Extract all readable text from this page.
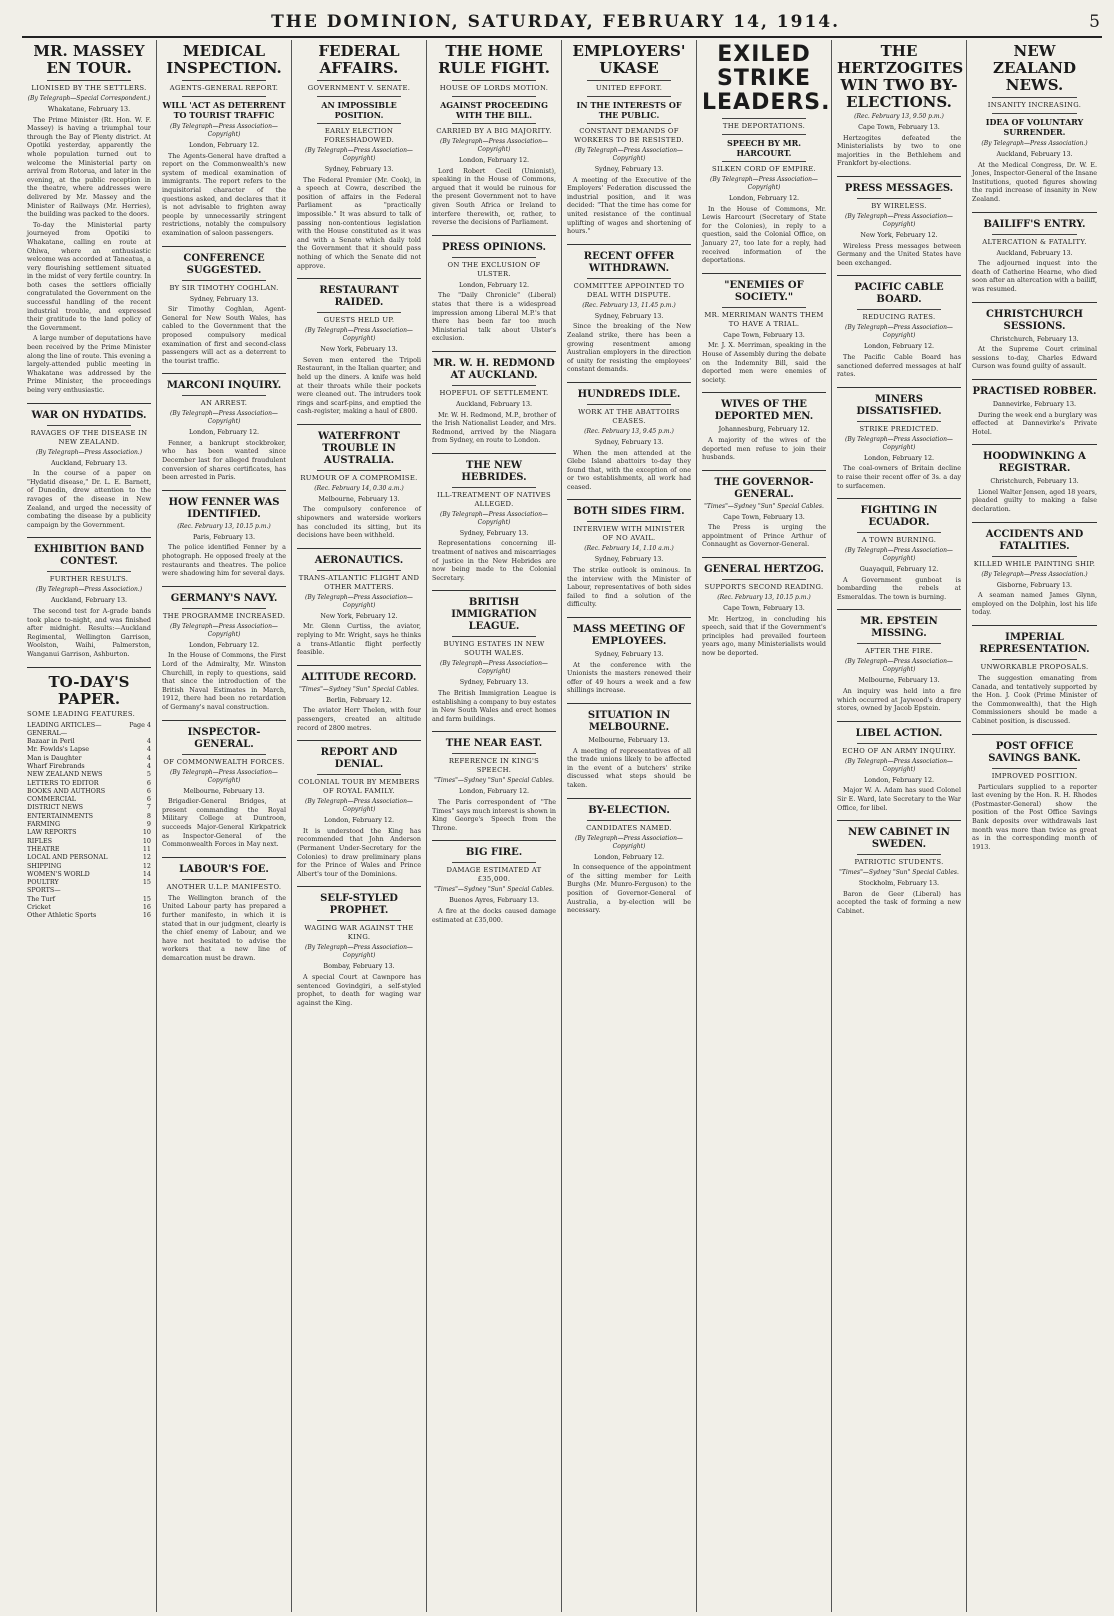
THE DOMINION, SATURDAY, FEBRUARY 14, 1914.	5
MR. MASSEY EN TOUR.
LIONISED BY THE SETTLERS.
(By Telegraph—Special Correspondent.)
Whakatane, February 13.

The Prime Minister (Rt. Hon. W. F. Massey) is having a triumphal tour through the Bay of Plenty district. At Opotiki yesterday, apparently the whole population turned out to welcome the Ministerial party on arrival from Rotorua, and later in the evening, at the public reception in the theatre, where addresses were delivered by Mr. Massey and the Minister of Railways (Mr. Herries), the building was packed to the doors.

To-day the Ministerial party journeyed from Opotiki to Whakatane, calling en route at Ohiwa, where an enthusiastic welcome was accorded at Taneatua, a very flourishing settlement situated in the midst of very fertile country. In both cases the settlers officially congratulated the Government on the successful handling of the recent industrial trouble, and expressed their gratitude to the land policy of the Government.

A large number of deputations have been received by the Prime Minister along the line of route. This evening a largely-attended public meeting in Whakatane was addressed by the Prime Minister, the proceedings being very enthusiastic.

WAR ON HYDATIDS.
RAVAGES OF THE DISEASE IN NEW ZEALAND.
(By Telegraph—Press Association.)
Auckland, February 13.

In the course of a paper on "Hydatid disease," Dr. L. E. Barnett, of Dunedin, drew attention to the ravages of the disease in New Zealand, and urged the necessity of combating the disease by a publicity campaign by the Government.

EXHIBITION BAND CONTEST.
FURTHER RESULTS.
(By Telegraph—Press Association.)
Auckland, February 13.

The second test for A-grade bands took place to-night, and was finished after midnight. Results:—Auckland Regimental, Wellington Garrison, Woolston, Waihi, Palmerston, Wanganui Garrison, Ashburton.

TO-DAY'S PAPER.
SOME LEADING FEATURES.
LEADING ARTICLES—	Page 4
GENERAL—
Bazaar in Peril	4
Mr. Fowlds's Lapse	4
Man is Daughter	4
Wharf Firebrands	4
NEW ZEALAND NEWS	5
LETTERS TO EDITOR	6
BOOKS AND AUTHORS	6
COMMERCIAL	6
DISTRICT NEWS	7
ENTERTAINMENTS	8
FARMING	9
LAW REPORTS	10
RIFLES	10
THEATRE	11
LOCAL AND PERSONAL	12
SHIPPING	12
WOMEN'S WORLD	14
POULTRY	15
SPORTS—
The Turf	15
Cricket	16
Other Athletic Sports	16
MEDICAL INSPECTION.
AGENTS-GENERAL REPORT.
WILL 'ACT AS DETERRENT TO TOURIST TRAFFIC
(By Telegraph—Press Association—Copyright)
London, February 12.

The Agents-General have drafted a report on the Commonwealth's new system of medical examination of immigrants. The report refers to the inquisitorial character of the questions asked, and declares that it is not advisable to frighten away people by unnecessarily stringent restrictions, notably the compulsory examination of saloon passengers.

CONFERENCE SUGGESTED.
BY SIR TIMOTHY COGHLAN.
Sydney, February 13.

Sir Timothy Coghlan, Agent-General for New South Wales, has cabled to the Government that the proposed compulsory medical examination of first and second-class passengers will act as a deterrent to the tourist traffic.

MARCONI INQUIRY.
AN ARREST.
(By Telegraph—Press Association—Copyright)
London, February 12.

Fenner, a bankrupt stockbroker, who has been wanted since December last for alleged fraudulent conversion of shares certificates, has been arrested in Paris.

HOW FENNER WAS IDENTIFIED.
(Rec. February 13, 10.15 p.m.)
Paris, February 13.

The police identified Fenner by a photograph. He opposed freely at the restaurants and theatres. The police were shadowing him for several days.

GERMANY'S NAVY.
THE PROGRAMME INCREASED.
(By Telegraph—Press Association—Copyright)
London, February 12.

In the House of Commons, the First Lord of the Admiralty, Mr. Winston Churchill, in reply to questions, said that since the introduction of the British Naval Estimates in March, 1912, there had been no retardation of Germany's naval construction.

INSPECTOR-GENERAL.
OF COMMONWEALTH FORCES.
(By Telegraph—Press Association—Copyright)
Melbourne, February 13.

Brigadier-General Bridges, at present commanding the Royal Military College at Duntroon, succeeds Major-General Kirkpatrick as Inspector-General of the Commonwealth Forces in May next.

LABOUR'S FOE.
ANOTHER U.L.P. MANIFESTO.

The Wellington branch of the United Labour party has prepared a further manifesto, in which it is stated that in our judgment, clearly is the chief enemy of Labour, and we have not hesitated to advise the workers that a new line of demarcation must be drawn.

FEDERAL AFFAIRS.
GOVERNMENT V. SENATE.
AN IMPOSSIBLE POSITION.
EARLY ELECTION FORESHADOWED.
(By Telegraph—Press Association—Copyright)
Sydney, February 13.

The Federal Premier (Mr. Cook), in a speech at Cowra, described the position of affairs in the Federal Parliament as "practically impossible." It was absurd to talk of passing non-contentious legislation with the House constituted as it was and with a Senate which daily told the Government that it should pass nothing of which the Senate did not approve.

RESTAURANT RAIDED.
GUESTS HELD UP.
(By Telegraph—Press Association—Copyright)
New York, February 13.

Seven men entered the Tripoli Restaurant, in the Italian quarter, and held up the diners. A knife was held at their throats while their pockets were cleaned out. The intruders took rings and scarf-pins, and emptied the cash-register, making a haul of £800.

WATERFRONT TROUBLE IN AUSTRALIA.
RUMOUR OF A COMPROMISE.
(Rec. February 14, 0.30 a.m.)
Melbourne, February 13.

The compulsory conference of shipowners and waterside workers has concluded its sitting, but its decisions have been withheld.

AERONAUTICS.
TRANS-ATLANTIC FLIGHT AND OTHER MATTERS.
(By Telegraph—Press Association—Copyright)
New York, February 12.

Mr. Glenn Curtiss, the aviator, replying to Mr. Wright, says he thinks a trans-Atlantic flight perfectly feasible.

ALTITUDE RECORD.
"Times"—Sydney "Sun" Special Cables.
Berlin, February 12.

The aviator Herr Thelen, with four passengers, created an altitude record of 2800 metres.

REPORT AND DENIAL.
COLONIAL TOUR BY MEMBERS OF ROYAL FAMILY.
(By Telegraph—Press Association—Copyright)
London, February 12.

It is understood the King has recommended that John Anderson (Permanent Under-Secretary for the Colonies) to draw preliminary plans for the Prince of Wales and Prince Albert's tour of the Dominions.

SELF-STYLED PROPHET.
WAGING WAR AGAINST THE KING.
(By Telegraph—Press Association—Copyright)
Bombay, February 13.

A special Court at Cawnpore has sentenced Govindgiri, a self-styled prophet, to death for waging war against the King.

THE HOME RULE FIGHT.
HOUSE OF LORDS MOTION.
AGAINST PROCEEDING WITH THE BILL.
CARRIED BY A BIG MAJORITY.
(By Telegraph—Press Association—Copyright)
London, February 12.

Lord Robert Cecil (Unionist), speaking in the House of Commons, argued that it would be ruinous for the present Government not to have given South Africa or Ireland to interfere therewith, or, rather, to reverse the decisions of Parliament.

PRESS OPINIONS.
ON THE EXCLUSION OF ULSTER.
London, February 12.

The "Daily Chronicle" (Liberal) states that there is a widespread impression among Liberal M.P.'s that there has been far too much Ministerial talk about Ulster's exclusion.

MR. W. H. REDMOND AT AUCKLAND.
HOPEFUL OF SETTLEMENT.
Auckland, February 13.

Mr. W. H. Redmond, M.P., brother of the Irish Nationalist Leader, and Mrs. Redmond, arrived by the Niagara from Sydney, en route to London.

THE NEW HEBRIDES.
ILL-TREATMENT OF NATIVES ALLEGED.
(By Telegraph—Press Association—Copyright)
Sydney, February 13.

Representations concerning ill-treatment of natives and miscarriages of justice in the New Hebrides are now being made to the Colonial Secretary.

BRITISH IMMIGRATION LEAGUE.
BUYING ESTATES IN NEW SOUTH WALES.
(By Telegraph—Press Association—Copyright)
Sydney, February 13.

The British Immigration League is establishing a company to buy estates in New South Wales and erect homes and farm buildings.

THE NEAR EAST.
REFERENCE IN KING'S SPEECH.
"Times"—Sydney "Sun" Special Cables.
London, February 12.

The Paris correspondent of "The Times" says much interest is shown in King George's Speech from the Throne.

BIG FIRE.
DAMAGE ESTIMATED AT £35,000.
"Times"—Sydney "Sun" Special Cables.
Buenos Ayres, February 13.

A fire at the docks caused damage estimated at £35,000.

EMPLOYERS' UKASE
UNITED EFFORT.
IN THE INTERESTS OF THE PUBLIC.
CONSTANT DEMANDS OF WORKERS TO BE RESISTED.
(By Telegraph—Press Association—Copyright)
Sydney, February 13.

A meeting of the Executive of the Employers' Federation discussed the industrial position, and it was decided: "That the time has come for united resistance of the continual uplifting of wages and shortening of hours."

RECENT OFFER WITHDRAWN.
COMMITTEE APPOINTED TO DEAL WITH DISPUTE.
(Rec. February 13, 11.45 p.m.)
Sydney, February 13.

Since the breaking of the New Zealand strike, there has been a growing resentment among Australian employers in the direction of unity for resisting the employees' constant demands.

HUNDREDS IDLE.
WORK AT THE ABATTOIRS CEASES.
(Rec. February 13, 9.45 p.m.)
Sydney, February 13.

When the men attended at the Glebe Island abattoirs to-day they found that, with the exception of one or two establishments, all work had ceased.

BOTH SIDES FIRM.
INTERVIEW WITH MINISTER OF NO AVAIL.
(Rec. February 14, 1.10 a.m.)
Sydney, February 13.

The strike outlook is ominous. In the interview with the Minister of Labour, representatives of both sides failed to find a solution of the difficulty.

MASS MEETING OF EMPLOYEES.
Sydney, February 13.

At the conference with the Unionists the masters renewed their offer of 49 hours a week and a few shillings increase.

SITUATION IN MELBOURNE.
Melbourne, February 13.

A meeting of representatives of all the trade unions likely to be affected in the event of a butchers' strike discussed what steps should be taken.

BY-ELECTION.
CANDIDATES NAMED.
(By Telegraph—Press Association—Copyright)
London, February 12.

In consequence of the appointment of the sitting member for Leith Burghs (Mr. Munro-Ferguson) to the position of Governor-General of Australia, a by-election will be necessary.

EXILED STRIKE LEADERS.
THE DEPORTATIONS.
SPEECH BY MR. HARCOURT.
SILKEN CORD OF EMPIRE.
(By Telegraph—Press Association—Copyright)
London, February 12.

In the House of Commons, Mr. Lewis Harcourt (Secretary of State for the Colonies), in reply to a question, said the Colonial Office, on January 27, too late for a reply, had received information of the deportations.

"ENEMIES OF SOCIETY."
MR. MERRIMAN WANTS THEM TO HAVE A TRIAL.
Cape Town, February 13.

Mr. J. X. Merriman, speaking in the House of Assembly during the debate on the Indemnity Bill, said the deported men were enemies of society.

WIVES OF THE DEPORTED MEN.
Johannesburg, February 12.

A majority of the wives of the deported men refuse to join their husbands.

THE GOVERNOR-GENERAL.
"Times"—Sydney "Sun" Special Cables.
Cape Town, February 13.

The Press is urging the appointment of Prince Arthur of Connaught as Governor-General.

GENERAL HERTZOG.
SUPPORTS SECOND READING.
(Rec. February 13, 10.15 p.m.)
Cape Town, February 13.

Mr. Hertzog, in concluding his speech, said that if the Government's principles had prevailed fourteen years ago, many Ministerialists would now be deported.

THE HERTZOGITES WIN TWO BY-ELECTIONS.
(Rec. February 13, 9.50 p.m.)
Cape Town, February 13.

Hertzogites defeated the Ministerialists by two to one majorities in the Bethlehem and Frankfort by-elections.

PRESS MESSAGES.
BY WIRELESS.
(By Telegraph—Press Association—Copyright)
New York, February 12.

Wireless Press messages between Germany and the United States have been exchanged.

PACIFIC CABLE BOARD.
REDUCING RATES.
(By Telegraph—Press Association—Copyright)
London, February 12.

The Pacific Cable Board has sanctioned deferred messages at half rates.

MINERS DISSATISFIED.
STRIKE PREDICTED.
(By Telegraph—Press Association—Copyright)
London, February 12.

The coal-owners of Britain decline to raise their recent offer of 3s. a day to surfacemen.

FIGHTING IN ECUADOR.
A TOWN BURNING.
(By Telegraph—Press Association—Copyright)
Guayaquil, February 12.

A Government gunboat is bombarding the rebels at Esmeraldas. The town is burning.

MR. EPSTEIN MISSING.
AFTER THE FIRE.
(By Telegraph—Press Association—Copyright)
Melbourne, February 13.

An inquiry was held into a fire which occurred at Jaywood's drapery stores, owned by Jacob Epstein.

LIBEL ACTION.
ECHO OF AN ARMY INQUIRY.
(By Telegraph—Press Association—Copyright)
London, February 12.

Major W. A. Adam has sued Colonel Sir E. Ward, late Secretary to the War Office, for libel.

NEW CABINET IN SWEDEN.
PATRIOTIC STUDENTS.
"Times"—Sydney "Sun" Special Cables.
Stockholm, February 13.

Baron de Geer (Liberal) has accepted the task of forming a new Cabinet.

NEW ZEALAND NEWS.
INSANITY INCREASING.
IDEA OF VOLUNTARY SURRENDER.
(By Telegraph—Press Association.)
Auckland, February 13.

At the Medical Congress, Dr. W. E. Jones, Inspector-General of the Insane Institutions, quoted figures showing the rapid increase of insanity in New Zealand.

BAILIFF'S ENTRY.
ALTERCATION & FATALITY.
Auckland, February 13.

The adjourned inquest into the death of Catherine Hearne, who died soon after an altercation with a bailiff, was resumed.

CHRISTCHURCH SESSIONS.
Christchurch, February 13.

At the Supreme Court criminal sessions to-day, Charles Edward Curson was found guilty of assault.

PRACTISED ROBBER.
Dannevirke, February 13.

During the week end a burglary was effected at Dannevirke's Private Hotel.

HOODWINKING A REGISTRAR.
Christchurch, February 13.

Lionel Walter Jensen, aged 18 years, pleaded guilty to making a false declaration.

ACCIDENTS AND FATALITIES.
KILLED WHILE PAINTING SHIP.
(By Telegraph—Press Association.)
Gisborne, February 13.

A seaman named James Glynn, employed on the Dolphin, lost his life today.

IMPERIAL REPRESENTATION.
UNWORKABLE PROPOSALS.

The suggestion emanating from Canada, and tentatively supported by the Hon. J. Cook (Prime Minister of the Commonwealth), that the High Commissioners should be made a Cabinet position, is discussed.

POST OFFICE SAVINGS BANK.
IMPROVED POSITION.

Particulars supplied to a reporter last evening by the Hon. R. H. Rhodes (Postmaster-General) show the position of the Post Office Savings Bank deposits over withdrawals last month was more than twice as great as in the corresponding month of 1913.
